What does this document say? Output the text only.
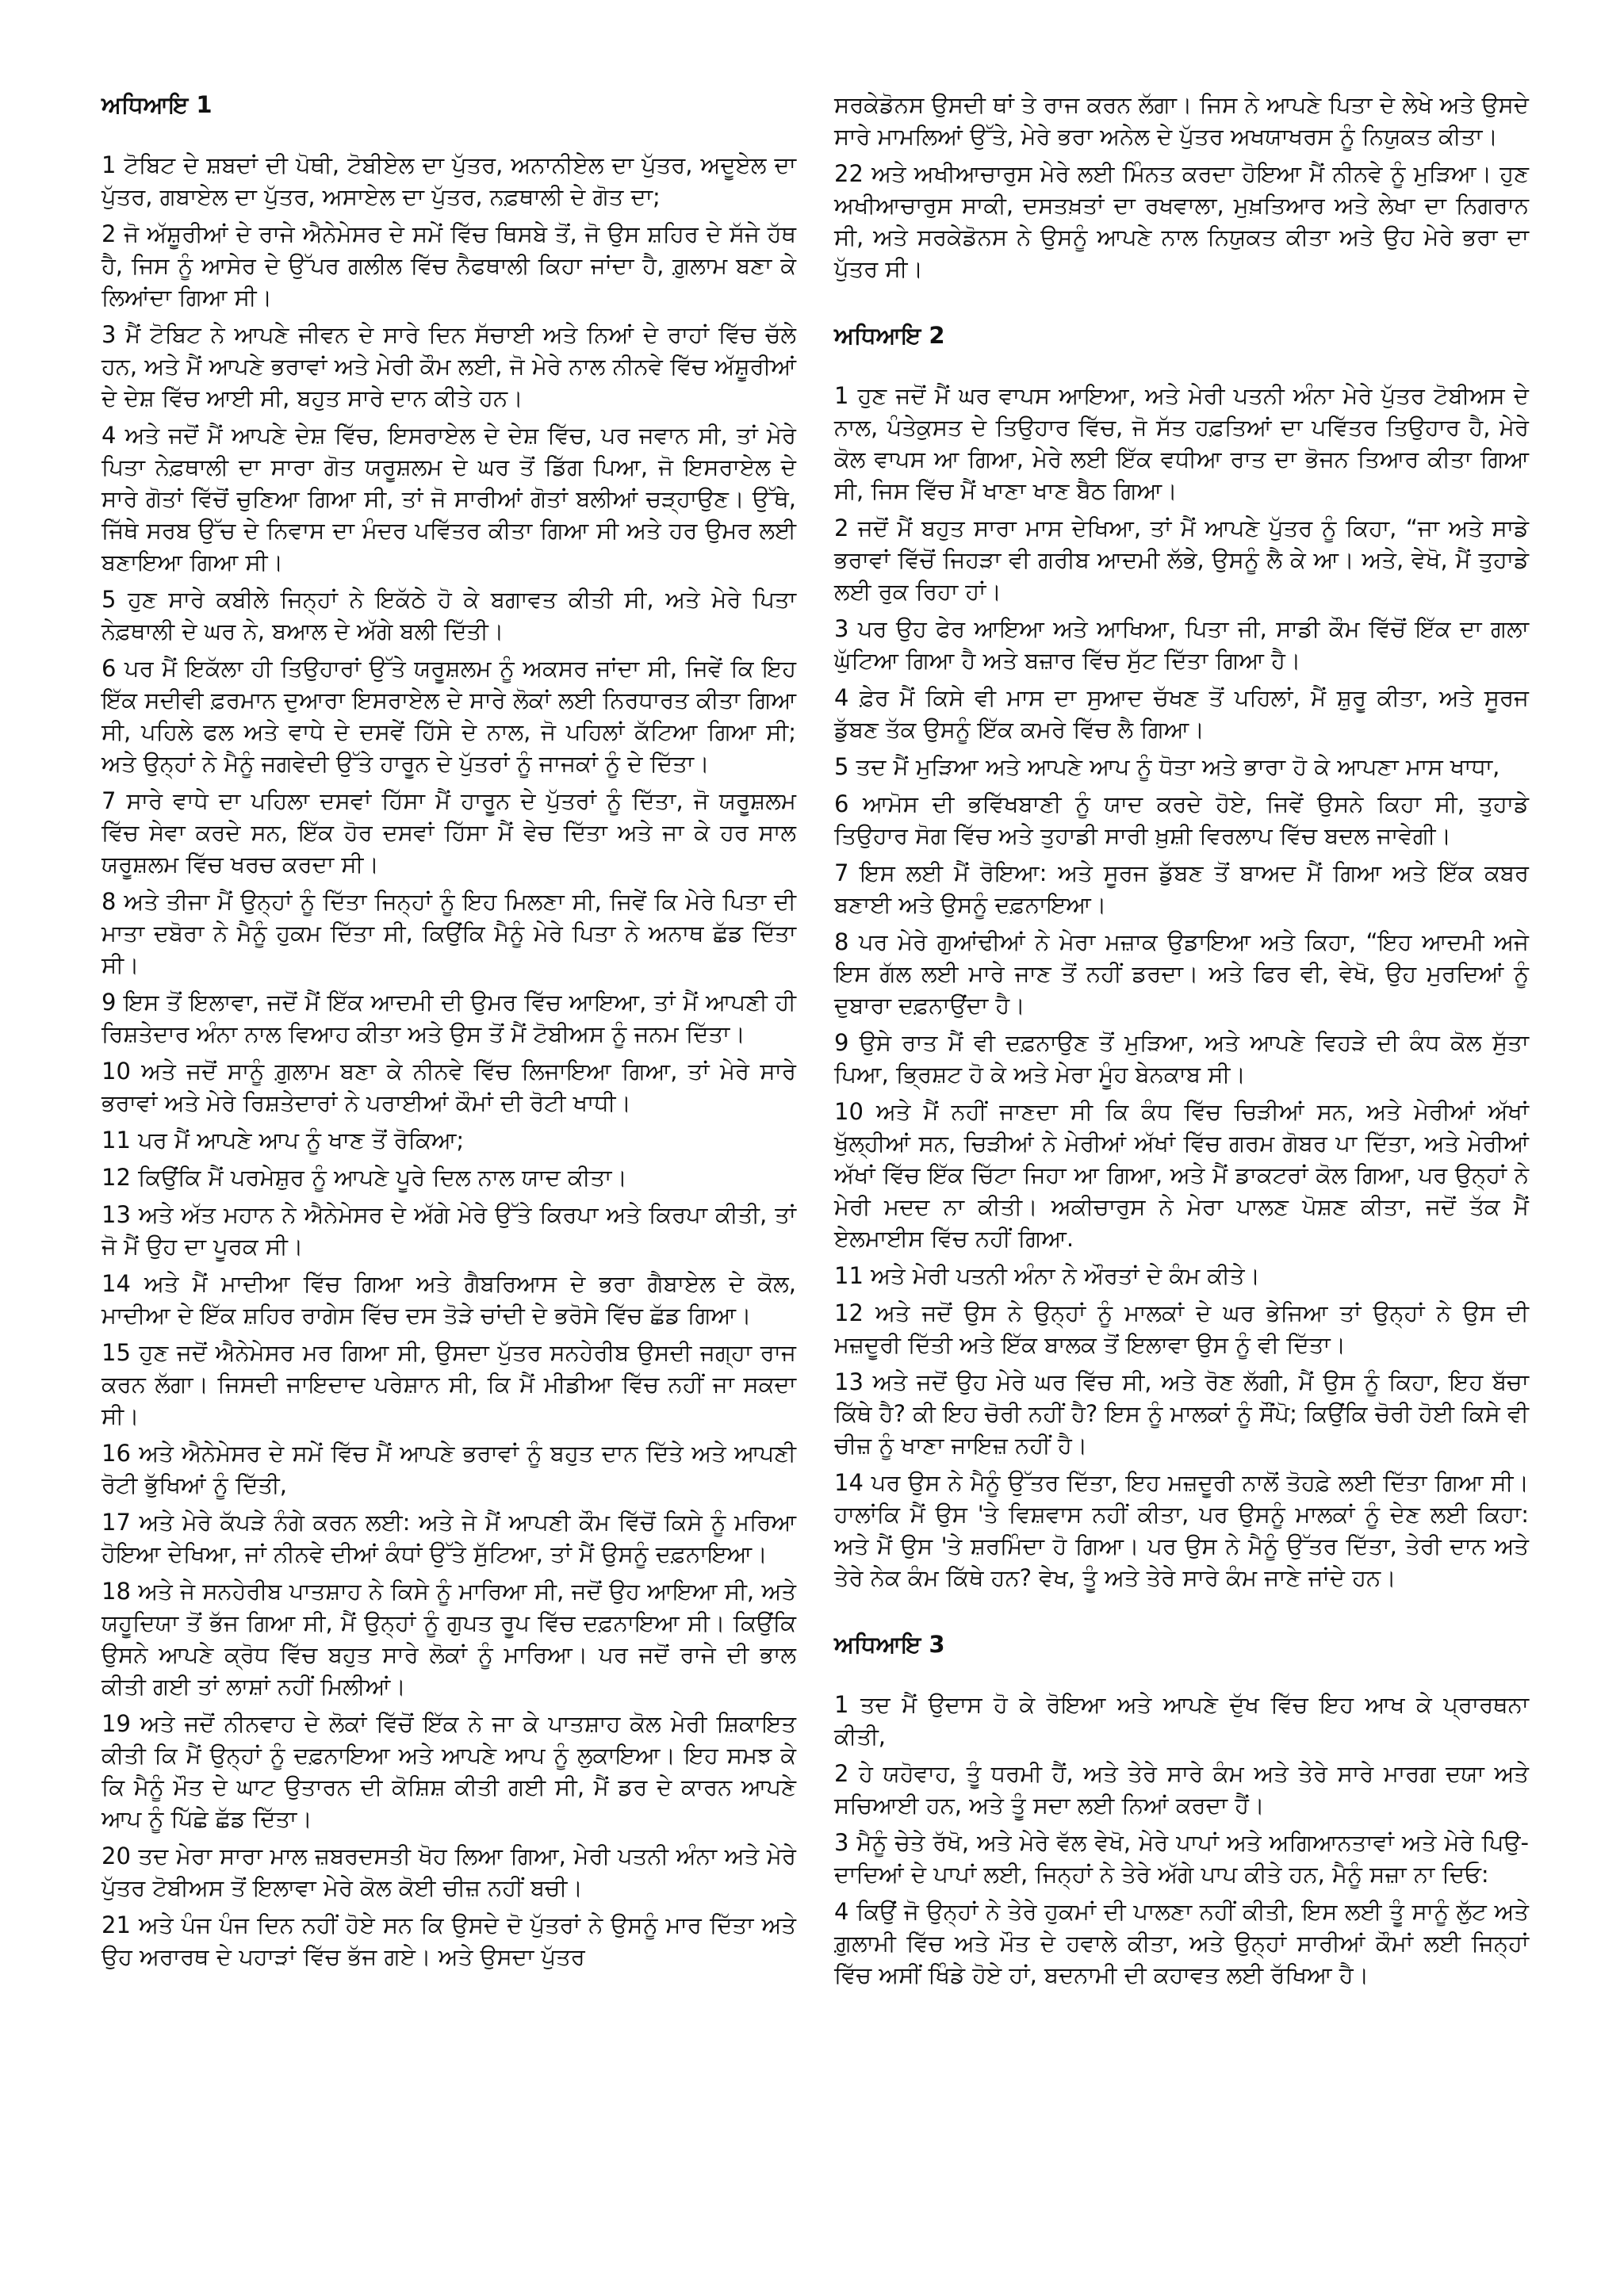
ਅਧਿਆਇ 1

1 ਟੋਬਿਟ ਦੇ ਸ਼ਬਦਾਂ ਦੀ ਪੋਥੀ, ਟੋਬੀਏਲ ਦਾ ਪੁੱਤਰ, ਅਨਾਨੀਏਲ ਦਾ ਪੁੱਤਰ, ਅਦੂਏਲ ਦਾ ਪੁੱਤਰ, ਗਬਾਏਲ ਦਾ ਪੁੱਤਰ, ਅਸਾਏਲ ਦਾ ਪੁੱਤਰ, ਨਫ਼ਥਾਲੀ ਦੇ ਗੋਤ ਦਾ;

2 ਜੋ ਅੱਸ਼ੂਰੀਆਂ ਦੇ ਰਾਜੇ ਐਨੇਮੇਸਰ ਦੇ ਸਮੇਂ ਵਿੱਚ ਥਿਸਬੇ ਤੋਂ, ਜੋ ਉਸ ਸ਼ਹਿਰ ਦੇ ਸੱਜੇ ਹੱਥ ਹੈ, ਜਿਸ ਨੂੰ ਆਸੇਰ ਦੇ ਉੱਪਰ ਗਲੀਲ ਵਿੱਚ ਨੈਫਥਾਲੀ ਕਿਹਾ ਜਾਂਦਾ ਹੈ, ਗ਼ੁਲਾਮ ਬਣਾ ਕੇ ਲਿਆਂਦਾ ਗਿਆ ਸੀ।

3 ਮੈਂ ਟੋਬਿਟ ਨੇ ਆਪਣੇ ਜੀਵਨ ਦੇ ਸਾਰੇ ਦਿਨ ਸੱਚਾਈ ਅਤੇ ਨਿਆਂ ਦੇ ਰਾਹਾਂ ਵਿੱਚ ਚੱਲੇ ਹਨ, ਅਤੇ ਮੈਂ ਆਪਣੇ ਭਰਾਵਾਂ ਅਤੇ ਮੇਰੀ ਕੌਮ ਲਈ, ਜੋ ਮੇਰੇ ਨਾਲ ਨੀਨਵੇ ਵਿੱਚ ਅੱਸ਼ੂਰੀਆਂ ਦੇ ਦੇਸ਼ ਵਿੱਚ ਆਈ ਸੀ, ਬਹੁਤ ਸਾਰੇ ਦਾਨ ਕੀਤੇ ਹਨ।

4 ਅਤੇ ਜਦੋਂ ਮੈਂ ਆਪਣੇ ਦੇਸ਼ ਵਿੱਚ, ਇਸਰਾਏਲ ਦੇ ਦੇਸ਼ ਵਿੱਚ, ਪਰ ਜਵਾਨ ਸੀ, ਤਾਂ ਮੇਰੇ ਪਿਤਾ ਨੇਫ਼ਥਾਲੀ ਦਾ ਸਾਰਾ ਗੋਤ ਯਰੂਸ਼ਲਮ ਦੇ ਘਰ ਤੋਂ ਡਿੱਗ ਪਿਆ, ਜੋ ਇਸਰਾਏਲ ਦੇ ਸਾਰੇ ਗੋਤਾਂ ਵਿੱਚੋਂ ਚੁਣਿਆ ਗਿਆ ਸੀ, ਤਾਂ ਜੋ ਸਾਰੀਆਂ ਗੋਤਾਂ ਬਲੀਆਂ ਚੜ੍ਹਾਉਣ। ਉੱਥੇ, ਜਿੱਥੇ ਸਰਬ ਉੱਚ ਦੇ ਨਿਵਾਸ ਦਾ ਮੰਦਰ ਪਵਿੱਤਰ ਕੀਤਾ ਗਿਆ ਸੀ ਅਤੇ ਹਰ ਉਮਰ ਲਈ ਬਣਾਇਆ ਗਿਆ ਸੀ।

5 ਹੁਣ ਸਾਰੇ ਕਬੀਲੇ ਜਿਨ੍ਹਾਂ ਨੇ ਇਕੱਠੇ ਹੋ ਕੇ ਬਗਾਵਤ ਕੀਤੀ ਸੀ, ਅਤੇ ਮੇਰੇ ਪਿਤਾ ਨੇਫ਼ਥਾਲੀ ਦੇ ਘਰ ਨੇ, ਬਆਲ ਦੇ ਅੱਗੇ ਬਲੀ ਦਿੱਤੀ।

6 ਪਰ ਮੈਂ ਇਕੱਲਾ ਹੀ ਤਿਉਹਾਰਾਂ ਉੱਤੇ ਯਰੂਸ਼ਲਮ ਨੂੰ ਅਕਸਰ ਜਾਂਦਾ ਸੀ, ਜਿਵੇਂ ਕਿ ਇਹ ਇੱਕ ਸਦੀਵੀ ਫ਼ਰਮਾਨ ਦੁਆਰਾ ਇਸਰਾਏਲ ਦੇ ਸਾਰੇ ਲੋਕਾਂ ਲਈ ਨਿਰਧਾਰਤ ਕੀਤਾ ਗਿਆ ਸੀ, ਪਹਿਲੇ ਫਲ ਅਤੇ ਵਾਧੇ ਦੇ ਦਸਵੇਂ ਹਿੱਸੇ ਦੇ ਨਾਲ, ਜੋ ਪਹਿਲਾਂ ਕੱਟਿਆ ਗਿਆ ਸੀ; ਅਤੇ ਉਨ੍ਹਾਂ ਨੇ ਮੈਨੂੰ ਜਗਵੇਦੀ ਉੱਤੇ ਹਾਰੂਨ ਦੇ ਪੁੱਤਰਾਂ ਨੂੰ ਜਾਜਕਾਂ ਨੂੰ ਦੇ ਦਿੱਤਾ।

7 ਸਾਰੇ ਵਾਧੇ ਦਾ ਪਹਿਲਾ ਦਸਵਾਂ ਹਿੱਸਾ ਮੈਂ ਹਾਰੂਨ ਦੇ ਪੁੱਤਰਾਂ ਨੂੰ ਦਿੱਤਾ, ਜੋ ਯਰੂਸ਼ਲਮ ਵਿੱਚ ਸੇਵਾ ਕਰਦੇ ਸਨ, ਇੱਕ ਹੋਰ ਦਸਵਾਂ ਹਿੱਸਾ ਮੈਂ ਵੇਚ ਦਿੱਤਾ ਅਤੇ ਜਾ ਕੇ ਹਰ ਸਾਲ ਯਰੂਸ਼ਲਮ ਵਿੱਚ ਖਰਚ ਕਰਦਾ ਸੀ।

8 ਅਤੇ ਤੀਜਾ ਮੈਂ ਉਨ੍ਹਾਂ ਨੂੰ ਦਿੱਤਾ ਜਿਨ੍ਹਾਂ ਨੂੰ ਇਹ ਮਿਲਣਾ ਸੀ, ਜਿਵੇਂ ਕਿ ਮੇਰੇ ਪਿਤਾ ਦੀ ਮਾਤਾ ਦਬੋਰਾ ਨੇ ਮੈਨੂੰ ਹੁਕਮ ਦਿੱਤਾ ਸੀ, ਕਿਉਂਕਿ ਮੈਨੂੰ ਮੇਰੇ ਪਿਤਾ ਨੇ ਅਨਾਥ ਛੱਡ ਦਿੱਤਾ ਸੀ।

9 ਇਸ ਤੋਂ ਇਲਾਵਾ, ਜਦੋਂ ਮੈਂ ਇੱਕ ਆਦਮੀ ਦੀ ਉਮਰ ਵਿੱਚ ਆਇਆ, ਤਾਂ ਮੈਂ ਆਪਣੀ ਹੀ ਰਿਸ਼ਤੇਦਾਰ ਅੰਨਾ ਨਾਲ ਵਿਆਹ ਕੀਤਾ ਅਤੇ ਉਸ ਤੋਂ ਮੈਂ ਟੋਬੀਅਸ ਨੂੰ ਜਨਮ ਦਿੱਤਾ।

10 ਅਤੇ ਜਦੋਂ ਸਾਨੂੰ ਗ਼ੁਲਾਮ ਬਣਾ ਕੇ ਨੀਨਵੇ ਵਿੱਚ ਲਿਜਾਇਆ ਗਿਆ, ਤਾਂ ਮੇਰੇ ਸਾਰੇ ਭਰਾਵਾਂ ਅਤੇ ਮੇਰੇ ਰਿਸ਼ਤੇਦਾਰਾਂ ਨੇ ਪਰਾਈਆਂ ਕੌਮਾਂ ਦੀ ਰੋਟੀ ਖਾਧੀ।

11 ਪਰ ਮੈਂ ਆਪਣੇ ਆਪ ਨੂੰ ਖਾਣ ਤੋਂ ਰੋਕਿਆ;

12 ਕਿਉਂਕਿ ਮੈਂ ਪਰਮੇਸ਼ੁਰ ਨੂੰ ਆਪਣੇ ਪੂਰੇ ਦਿਲ ਨਾਲ ਯਾਦ ਕੀਤਾ।

13 ਅਤੇ ਅੱਤ ਮਹਾਨ ਨੇ ਐਨੇਮੇਸਰ ਦੇ ਅੱਗੇ ਮੇਰੇ ਉੱਤੇ ਕਿਰਪਾ ਅਤੇ ਕਿਰਪਾ ਕੀਤੀ, ਤਾਂ ਜੋ ਮੈਂ ਉਹ ਦਾ ਪੂਰਕ ਸੀ।

14 ਅਤੇ ਮੈਂ ਮਾਦੀਆ ਵਿੱਚ ਗਿਆ ਅਤੇ ਗੈਬਰਿਆਸ ਦੇ ਭਰਾ ਗੈਬਾਏਲ ਦੇ ਕੋਲ, ਮਾਦੀਆ ਦੇ ਇੱਕ ਸ਼ਹਿਰ ਰਾਗੇਸ ਵਿੱਚ ਦਸ ਤੋੜੇ ਚਾਂਦੀ ਦੇ ਭਰੋਸੇ ਵਿੱਚ ਛੱਡ ਗਿਆ।

15 ਹੁਣ ਜਦੋਂ ਐਨੇਮੇਸਰ ਮਰ ਗਿਆ ਸੀ, ਉਸਦਾ ਪੁੱਤਰ ਸਨਹੇਰੀਬ ਉਸਦੀ ਜਗ੍ਹਾ ਰਾਜ ਕਰਨ ਲੱਗਾ। ਜਿਸਦੀ ਜਾਇਦਾਦ ਪਰੇਸ਼ਾਨ ਸੀ, ਕਿ ਮੈਂ ਮੀਡੀਆ ਵਿੱਚ ਨਹੀਂ ਜਾ ਸਕਦਾ ਸੀ।

16 ਅਤੇ ਐਨੇਮੇਸਰ ਦੇ ਸਮੇਂ ਵਿੱਚ ਮੈਂ ਆਪਣੇ ਭਰਾਵਾਂ ਨੂੰ ਬਹੁਤ ਦਾਨ ਦਿੱਤੇ ਅਤੇ ਆਪਣੀ ਰੋਟੀ ਭੁੱਖਿਆਂ ਨੂੰ ਦਿੱਤੀ,

17 ਅਤੇ ਮੇਰੇ ਕੱਪੜੇ ਨੰਗੇ ਕਰਨ ਲਈ: ਅਤੇ ਜੇ ਮੈਂ ਆਪਣੀ ਕੌਮ ਵਿੱਚੋਂ ਕਿਸੇ ਨੂੰ ਮਰਿਆ ਹੋਇਆ ਦੇਖਿਆ, ਜਾਂ ਨੀਨਵੇ ਦੀਆਂ ਕੰਧਾਂ ਉੱਤੇ ਸੁੱਟਿਆ, ਤਾਂ ਮੈਂ ਉਸਨੂੰ ਦਫ਼ਨਾਇਆ।

18 ਅਤੇ ਜੇ ਸਨਹੇਰੀਬ ਪਾਤਸ਼ਾਹ ਨੇ ਕਿਸੇ ਨੂੰ ਮਾਰਿਆ ਸੀ, ਜਦੋਂ ਉਹ ਆਇਆ ਸੀ, ਅਤੇ ਯਹੂਦਿਯਾ ਤੋਂ ਭੱਜ ਗਿਆ ਸੀ, ਮੈਂ ਉਨ੍ਹਾਂ ਨੂੰ ਗੁਪਤ ਰੂਪ ਵਿੱਚ ਦਫ਼ਨਾਇਆ ਸੀ। ਕਿਉਂਕਿ ਉਸਨੇ ਆਪਣੇ ਕ੍ਰੋਧ ਵਿੱਚ ਬਹੁਤ ਸਾਰੇ ਲੋਕਾਂ ਨੂੰ ਮਾਰਿਆ। ਪਰ ਜਦੋਂ ਰਾਜੇ ਦੀ ਭਾਲ ਕੀਤੀ ਗਈ ਤਾਂ ਲਾਸ਼ਾਂ ਨਹੀਂ ਮਿਲੀਆਂ।

19 ਅਤੇ ਜਦੋਂ ਨੀਨਵਾਹ ਦੇ ਲੋਕਾਂ ਵਿੱਚੋਂ ਇੱਕ ਨੇ ਜਾ ਕੇ ਪਾਤਸ਼ਾਹ ਕੋਲ ਮੇਰੀ ਸ਼ਿਕਾਇਤ ਕੀਤੀ ਕਿ ਮੈਂ ਉਨ੍ਹਾਂ ਨੂੰ ਦਫ਼ਨਾਇਆ ਅਤੇ ਆਪਣੇ ਆਪ ਨੂੰ ਲੁਕਾਇਆ। ਇਹ ਸਮਝ ਕੇ ਕਿ ਮੈਨੂੰ ਮੌਤ ਦੇ ਘਾਟ ਉਤਾਰਨ ਦੀ ਕੋਸ਼ਿਸ਼ ਕੀਤੀ ਗਈ ਸੀ, ਮੈਂ ਡਰ ਦੇ ਕਾਰਨ ਆਪਣੇ ਆਪ ਨੂੰ ਪਿੱਛੇ ਛੱਡ ਦਿੱਤਾ।

20 ਤਦ ਮੇਰਾ ਸਾਰਾ ਮਾਲ ਜ਼ਬਰਦਸਤੀ ਖੋਹ ਲਿਆ ਗਿਆ, ਮੇਰੀ ਪਤਨੀ ਅੰਨਾ ਅਤੇ ਮੇਰੇ ਪੁੱਤਰ ਟੋਬੀਅਸ ਤੋਂ ਇਲਾਵਾ ਮੇਰੇ ਕੋਲ ਕੋਈ ਚੀਜ਼ ਨਹੀਂ ਬਚੀ।

21 ਅਤੇ ਪੰਜ ਪੰਜ ਦਿਨ ਨਹੀਂ ਹੋਏ ਸਨ ਕਿ ਉਸਦੇ ਦੋ ਪੁੱਤਰਾਂ ਨੇ ਉਸਨੂੰ ਮਾਰ ਦਿੱਤਾ ਅਤੇ ਉਹ ਅਰਾਰਥ ਦੇ ਪਹਾੜਾਂ ਵਿੱਚ ਭੱਜ ਗਏ। ਅਤੇ ਉਸਦਾ ਪੁੱਤਰ

ਸਰਕੇਡੋਨਸ ਉਸਦੀ ਥਾਂ ਤੇ ਰਾਜ ਕਰਨ ਲੱਗਾ। ਜਿਸ ਨੇ ਆਪਣੇ ਪਿਤਾ ਦੇ ਲੇਖੇ ਅਤੇ ਉਸਦੇ ਸਾਰੇ ਮਾਮਲਿਆਂ ਉੱਤੇ, ਮੇਰੇ ਭਰਾ ਅਨੇਲ ਦੇ ਪੁੱਤਰ ਅਖਯਾਖਰਸ ਨੂੰ ਨਿਯੁਕਤ ਕੀਤਾ।

22 ਅਤੇ ਅਖੀਆਚਾਰੁਸ ਮੇਰੇ ਲਈ ਮਿੰਨਤ ਕਰਦਾ ਹੋਇਆ ਮੈਂ ਨੀਨਵੇ ਨੂੰ ਮੁੜਿਆ। ਹੁਣ ਅਖੀਆਚਾਰੁਸ ਸਾਕੀ, ਦਸਤਖ਼ਤਾਂ ਦਾ ਰਖਵਾਲਾ, ਮੁਖ਼ਤਿਆਰ ਅਤੇ ਲੇਖਾ ਦਾ ਨਿਗਰਾਨ ਸੀ, ਅਤੇ ਸਰਕੇਡੋਨਸ ਨੇ ਉਸਨੂੰ ਆਪਣੇ ਨਾਲ ਨਿਯੁਕਤ ਕੀਤਾ ਅਤੇ ਉਹ ਮੇਰੇ ਭਰਾ ਦਾ ਪੁੱਤਰ ਸੀ।

ਅਧਿਆਇ 2

1 ਹੁਣ ਜਦੋਂ ਮੈਂ ਘਰ ਵਾਪਸ ਆਇਆ, ਅਤੇ ਮੇਰੀ ਪਤਨੀ ਅੰਨਾ ਮੇਰੇ ਪੁੱਤਰ ਟੋਬੀਅਸ ਦੇ ਨਾਲ, ਪੰਤੇਕੁਸਤ ਦੇ ਤਿਉਹਾਰ ਵਿੱਚ, ਜੋ ਸੱਤ ਹਫ਼ਤਿਆਂ ਦਾ ਪਵਿੱਤਰ ਤਿਉਹਾਰ ਹੈ, ਮੇਰੇ ਕੋਲ ਵਾਪਸ ਆ ਗਿਆ, ਮੇਰੇ ਲਈ ਇੱਕ ਵਧੀਆ ਰਾਤ ਦਾ ਭੋਜਨ ਤਿਆਰ ਕੀਤਾ ਗਿਆ ਸੀ, ਜਿਸ ਵਿੱਚ ਮੈਂ ਖਾਣਾ ਖਾਣ ਬੈਠ ਗਿਆ।

2 ਜਦੋਂ ਮੈਂ ਬਹੁਤ ਸਾਰਾ ਮਾਸ ਦੇਖਿਆ, ਤਾਂ ਮੈਂ ਆਪਣੇ ਪੁੱਤਰ ਨੂੰ ਕਿਹਾ, “ਜਾ ਅਤੇ ਸਾਡੇ ਭਰਾਵਾਂ ਵਿੱਚੋਂ ਜਿਹੜਾ ਵੀ ਗਰੀਬ ਆਦਮੀ ਲੱਭੇ, ਉਸਨੂੰ ਲੈ ਕੇ ਆ। ਅਤੇ, ਵੇਖੋ, ਮੈਂ ਤੁਹਾਡੇ ਲਈ ਰੁਕ ਰਿਹਾ ਹਾਂ।

3 ਪਰ ਉਹ ਫੇਰ ਆਇਆ ਅਤੇ ਆਖਿਆ, ਪਿਤਾ ਜੀ, ਸਾਡੀ ਕੌਮ ਵਿੱਚੋਂ ਇੱਕ ਦਾ ਗਲਾ ਘੁੱਟਿਆ ਗਿਆ ਹੈ ਅਤੇ ਬਜ਼ਾਰ ਵਿੱਚ ਸੁੱਟ ਦਿੱਤਾ ਗਿਆ ਹੈ।

4 ਫ਼ੇਰ ਮੈਂ ਕਿਸੇ ਵੀ ਮਾਸ ਦਾ ਸੁਆਦ ਚੱਖਣ ਤੋਂ ਪਹਿਲਾਂ, ਮੈਂ ਸ਼ੁਰੂ ਕੀਤਾ, ਅਤੇ ਸੂਰਜ ਡੁੱਬਣ ਤੱਕ ਉਸਨੂੰ ਇੱਕ ਕਮਰੇ ਵਿੱਚ ਲੈ ਗਿਆ।

5 ਤਦ ਮੈਂ ਮੁੜਿਆ ਅਤੇ ਆਪਣੇ ਆਪ ਨੂੰ ਧੋਤਾ ਅਤੇ ਭਾਰਾ ਹੋ ਕੇ ਆਪਣਾ ਮਾਸ ਖਾਧਾ,

6 ਆਮੋਸ ਦੀ ਭਵਿੱਖਬਾਣੀ ਨੂੰ ਯਾਦ ਕਰਦੇ ਹੋਏ, ਜਿਵੇਂ ਉਸਨੇ ਕਿਹਾ ਸੀ, ਤੁਹਾਡੇ ਤਿਉਹਾਰ ਸੋਗ ਵਿੱਚ ਅਤੇ ਤੁਹਾਡੀ ਸਾਰੀ ਖ਼ੁਸ਼ੀ ਵਿਰਲਾਪ ਵਿੱਚ ਬਦਲ ਜਾਵੇਗੀ।

7 ਇਸ ਲਈ ਮੈਂ ਰੋਇਆ: ਅਤੇ ਸੂਰਜ ਡੁੱਬਣ ਤੋਂ ਬਾਅਦ ਮੈਂ ਗਿਆ ਅਤੇ ਇੱਕ ਕਬਰ ਬਣਾਈ ਅਤੇ ਉਸਨੂੰ ਦਫ਼ਨਾਇਆ।

8 ਪਰ ਮੇਰੇ ਗੁਆਂਢੀਆਂ ਨੇ ਮੇਰਾ ਮਜ਼ਾਕ ਉਡਾਇਆ ਅਤੇ ਕਿਹਾ, “ਇਹ ਆਦਮੀ ਅਜੇ ਇਸ ਗੱਲ ਲਈ ਮਾਰੇ ਜਾਣ ਤੋਂ ਨਹੀਂ ਡਰਦਾ। ਅਤੇ ਫਿਰ ਵੀ, ਵੇਖੋ, ਉਹ ਮੁਰਦਿਆਂ ਨੂੰ ਦੁਬਾਰਾ ਦਫ਼ਨਾਉਂਦਾ ਹੈ।

9 ਉਸੇ ਰਾਤ ਮੈਂ ਵੀ ਦਫ਼ਨਾਉਣ ਤੋਂ ਮੁੜਿਆ, ਅਤੇ ਆਪਣੇ ਵਿਹੜੇ ਦੀ ਕੰਧ ਕੋਲ ਸੁੱਤਾ ਪਿਆ, ਭ੍ਰਿਸ਼ਟ ਹੋ ਕੇ ਅਤੇ ਮੇਰਾ ਮੂੰਹ ਬੇਨਕਾਬ ਸੀ।

10 ਅਤੇ ਮੈਂ ਨਹੀਂ ਜਾਣਦਾ ਸੀ ਕਿ ਕੰਧ ਵਿੱਚ ਚਿੜੀਆਂ ਸਨ, ਅਤੇ ਮੇਰੀਆਂ ਅੱਖਾਂ ਖੁੱਲ੍ਹੀਆਂ ਸਨ, ਚਿੜੀਆਂ ਨੇ ਮੇਰੀਆਂ ਅੱਖਾਂ ਵਿੱਚ ਗਰਮ ਗੋਬਰ ਪਾ ਦਿੱਤਾ, ਅਤੇ ਮੇਰੀਆਂ ਅੱਖਾਂ ਵਿੱਚ ਇੱਕ ਚਿੱਟਾ ਜਿਹਾ ਆ ਗਿਆ, ਅਤੇ ਮੈਂ ਡਾਕਟਰਾਂ ਕੋਲ ਗਿਆ, ਪਰ ਉਨ੍ਹਾਂ ਨੇ ਮੇਰੀ ਮਦਦ ਨਾ ਕੀਤੀ। ਅਕੀਚਾਰੁਸ ਨੇ ਮੇਰਾ ਪਾਲਣ ਪੋਸ਼ਣ ਕੀਤਾ, ਜਦੋਂ ਤੱਕ ਮੈਂ ਏਲਮਾਈਸ ਵਿੱਚ ਨਹੀਂ ਗਿਆ.

11 ਅਤੇ ਮੇਰੀ ਪਤਨੀ ਅੰਨਾ ਨੇ ਔਰਤਾਂ ਦੇ ਕੰਮ ਕੀਤੇ।

12 ਅਤੇ ਜਦੋਂ ਉਸ ਨੇ ਉਨ੍ਹਾਂ ਨੂੰ ਮਾਲਕਾਂ ਦੇ ਘਰ ਭੇਜਿਆ ਤਾਂ ਉਨ੍ਹਾਂ ਨੇ ਉਸ ਦੀ ਮਜ਼ਦੂਰੀ ਦਿੱਤੀ ਅਤੇ ਇੱਕ ਬਾਲਕ ਤੋਂ ਇਲਾਵਾ ਉਸ ਨੂੰ ਵੀ ਦਿੱਤਾ।

13 ਅਤੇ ਜਦੋਂ ਉਹ ਮੇਰੇ ਘਰ ਵਿੱਚ ਸੀ, ਅਤੇ ਰੋਣ ਲੱਗੀ, ਮੈਂ ਉਸ ਨੂੰ ਕਿਹਾ, ਇਹ ਬੱਚਾ ਕਿੱਥੇ ਹੈ? ਕੀ ਇਹ ਚੋਰੀ ਨਹੀਂ ਹੈ? ਇਸ ਨੂੰ ਮਾਲਕਾਂ ਨੂੰ ਸੌਂਪੋ; ਕਿਉਂਕਿ ਚੋਰੀ ਹੋਈ ਕਿਸੇ ਵੀ ਚੀਜ਼ ਨੂੰ ਖਾਣਾ ਜਾਇਜ਼ ਨਹੀਂ ਹੈ।

14 ਪਰ ਉਸ ਨੇ ਮੈਨੂੰ ਉੱਤਰ ਦਿੱਤਾ, ਇਹ ਮਜ਼ਦੂਰੀ ਨਾਲੋਂ ਤੋਹਫ਼ੇ ਲਈ ਦਿੱਤਾ ਗਿਆ ਸੀ। ਹਾਲਾਂਕਿ ਮੈਂ ਉਸ 'ਤੇ ਵਿਸ਼ਵਾਸ ਨਹੀਂ ਕੀਤਾ, ਪਰ ਉਸਨੂੰ ਮਾਲਕਾਂ ਨੂੰ ਦੇਣ ਲਈ ਕਿਹਾ: ਅਤੇ ਮੈਂ ਉਸ 'ਤੇ ਸ਼ਰਮਿੰਦਾ ਹੋ ਗਿਆ। ਪਰ ਉਸ ਨੇ ਮੈਨੂੰ ਉੱਤਰ ਦਿੱਤਾ, ਤੇਰੀ ਦਾਨ ਅਤੇ ਤੇਰੇ ਨੇਕ ਕੰਮ ਕਿੱਥੇ ਹਨ? ਵੇਖ, ਤੂੰ ਅਤੇ ਤੇਰੇ ਸਾਰੇ ਕੰਮ ਜਾਣੇ ਜਾਂਦੇ ਹਨ।

ਅਧਿਆਇ 3

1 ਤਦ ਮੈਂ ਉਦਾਸ ਹੋ ਕੇ ਰੋਇਆ ਅਤੇ ਆਪਣੇ ਦੁੱਖ ਵਿੱਚ ਇਹ ਆਖ ਕੇ ਪ੍ਰਾਰਥਨਾ ਕੀਤੀ,

2 ਹੇ ਯਹੋਵਾਹ, ਤੂੰ ਧਰਮੀ ਹੈਂ, ਅਤੇ ਤੇਰੇ ਸਾਰੇ ਕੰਮ ਅਤੇ ਤੇਰੇ ਸਾਰੇ ਮਾਰਗ ਦਯਾ ਅਤੇ ਸਚਿਆਈ ਹਨ, ਅਤੇ ਤੂੰ ਸਦਾ ਲਈ ਨਿਆਂ ਕਰਦਾ ਹੈਂ।

3 ਮੈਨੂੰ ਚੇਤੇ ਰੱਖੋ, ਅਤੇ ਮੇਰੇ ਵੱਲ ਵੇਖੋ, ਮੇਰੇ ਪਾਪਾਂ ਅਤੇ ਅਗਿਆਨਤਾਵਾਂ ਅਤੇ ਮੇਰੇ ਪਿਉ-ਦਾਦਿਆਂ ਦੇ ਪਾਪਾਂ ਲਈ, ਜਿਨ੍ਹਾਂ ਨੇ ਤੇਰੇ ਅੱਗੇ ਪਾਪ ਕੀਤੇ ਹਨ, ਮੈਨੂੰ ਸਜ਼ਾ ਨਾ ਦਿਓ:

4 ਕਿਉਂ ਜੋ ਉਨ੍ਹਾਂ ਨੇ ਤੇਰੇ ਹੁਕਮਾਂ ਦੀ ਪਾਲਣਾ ਨਹੀਂ ਕੀਤੀ, ਇਸ ਲਈ ਤੂੰ ਸਾਨੂੰ ਲੁੱਟ ਅਤੇ ਗ਼ੁਲਾਮੀ ਵਿੱਚ ਅਤੇ ਮੌਤ ਦੇ ਹਵਾਲੇ ਕੀਤਾ, ਅਤੇ ਉਨ੍ਹਾਂ ਸਾਰੀਆਂ ਕੌਮਾਂ ਲਈ ਜਿਨ੍ਹਾਂ ਵਿੱਚ ਅਸੀਂ ਖਿੰਡੇ ਹੋਏ ਹਾਂ, ਬਦਨਾਮੀ ਦੀ ਕਹਾਵਤ ਲਈ ਰੱਖਿਆ ਹੈ।
